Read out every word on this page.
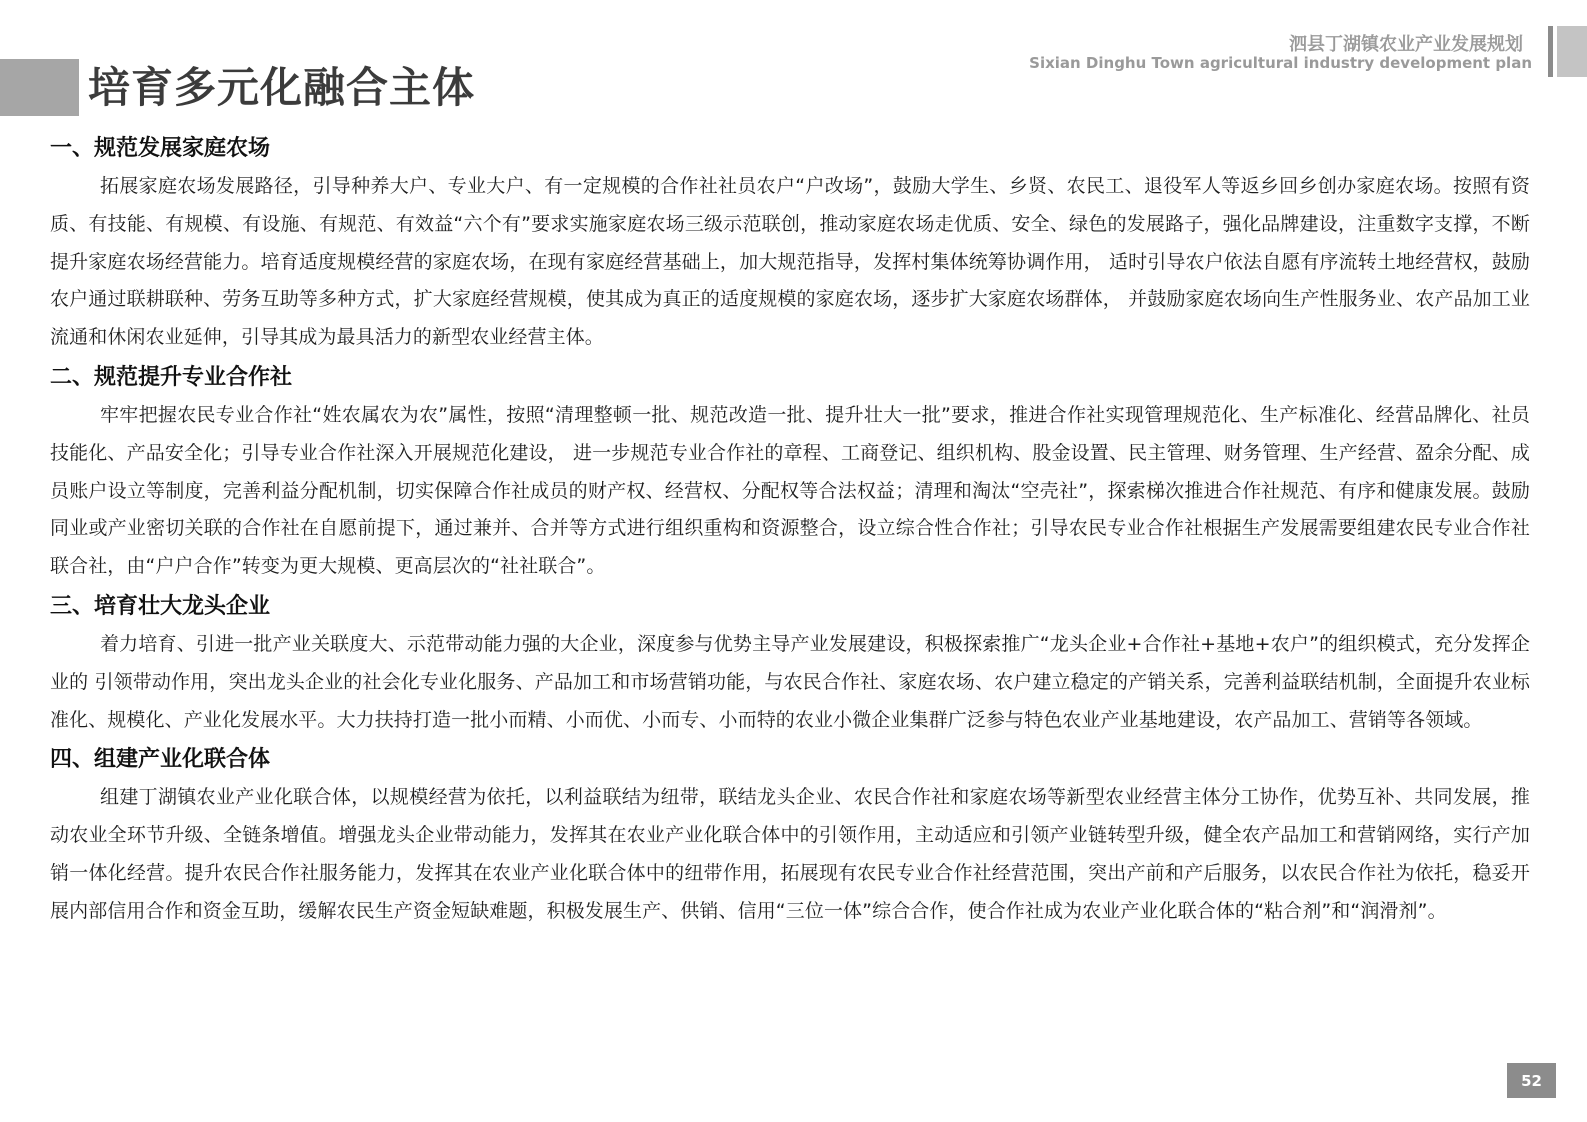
培育多元化融合主体
泗县丁湖镇农业产业发展规划
Sixian Dinghu Town agricultural industry development plan
一、规范发展家庭农场

拓展家庭农场发展路径，引导种养大户、专业大户、有一定规模的合作社社员农户“户改场”，鼓励大学生、乡贤、农民工、退役军人等返乡回乡创办家庭农场。按照有资质、有技能、有规模、有设施、有规范、有效益“六个有”要求实施家庭农场三级示范联创，推动家庭农场走优质、安全、绿色的发展路子，强化品牌建设，注重数字支撑，不断提升家庭农场经营能力。培育适度规模经营的家庭农场，在现有家庭经营基础上，加大规范指导，发挥村集体统筹协调作用， 适时引导农户依法自愿有序流转土地经营权，鼓励农户通过联耕联种、劳务互助等多种方式，扩大家庭经营规模，使其成为真正的适度规模的家庭农场，逐步扩大家庭农场群体， 并鼓励家庭农场向生产性服务业、农产品加工业流通和休闲农业延伸，引导其成为最具活力的新型农业经营主体。

二、规范提升专业合作社

牢牢把握农民专业合作社“姓农属农为农”属性，按照“清理整顿一批、规范改造一批、提升壮大一批”要求，推进合作社实现管理规范化、生产标准化、经营品牌化、社员技能化、产品安全化；引导专业合作社深入开展规范化建设， 进一步规范专业合作社的章程、工商登记、组织机构、股金设置、民主管理、财务管理、生产经营、盈余分配、成员账户设立等制度，完善利益分配机制，切实保障合作社成员的财产权、经营权、分配权等合法权益；清理和淘汰“空壳社”，探索梯次推进合作社规范、有序和健康发展。鼓励同业或产业密切关联的合作社在自愿前提下，通过兼并、合并等方式进行组织重构和资源整合，设立综合性合作社；引导农民专业合作社根据生产发展需要组建农民专业合作社联合社，由“户户合作”转变为更大规模、更高层次的“社社联合”。

三、培育壮大龙头企业

着力培育、引进一批产业关联度大、示范带动能力强的大企业，深度参与优势主导产业发展建设，积极探索推广“龙头企业+合作社+基地+农户”的组织模式，充分发挥企业的 引领带动作用，突出龙头企业的社会化专业化服务、产品加工和市场营销功能，与农民合作社、家庭农场、农户建立稳定的产销关系，完善利益联结机制，全面提升农业标准化、规模化、产业化发展水平。大力扶持打造一批小而精、小而优、小而专、小而特的农业小微企业集群广泛参与特色农业产业基地建设，农产品加工、营销等各领域。

四、组建产业化联合体

组建丁湖镇农业产业化联合体，以规模经营为依托，以利益联结为纽带，联结龙头企业、农民合作社和家庭农场等新型农业经营主体分工协作，优势互补、共同发展，推动农业全环节升级、全链条增值。增强龙头企业带动能力，发挥其在农业产业化联合体中的引领作用，主动适应和引领产业链转型升级，健全农产品加工和营销网络，实行产加销一体化经营。提升农民合作社服务能力，发挥其在农业产业化联合体中的纽带作用，拓展现有农民专业合作社经营范围，突出产前和产后服务，以农民合作社为依托，稳妥开展内部信用合作和资金互助，缓解农民生产资金短缺难题，积极发展生产、供销、信用“三位一体”综合合作，使合作社成为农业产业化联合体的“粘合剂”和“润滑剂”。

52
